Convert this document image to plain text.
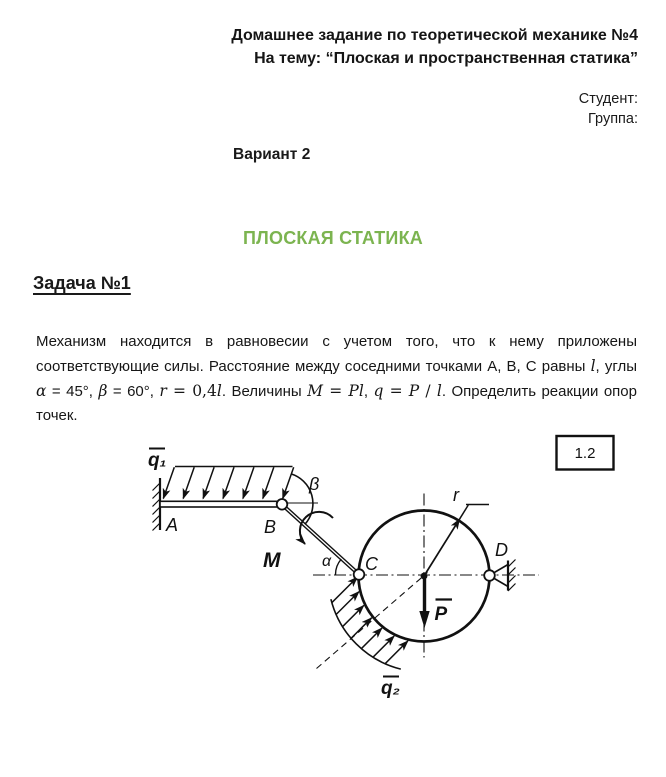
Домашнее задание по теоретической механике №4
На тему: “Плоская и пространственная статика”
Студент:
Группа:
Вариант 2
ПЛОСКАЯ СТАТИКА
Задача №1

Механизм находится в равновесии с учетом того, что к нему приложены соответствующие силы. Расстояние между соседними точками А, В, С равны l, углы α = 45°, β = 60°, r = 0,4l. Величины M = Pl, q = P / l. Определить реакции опор точек.

q₁
β
M	α
r
P
q₂
A	B
C
D
1.2
